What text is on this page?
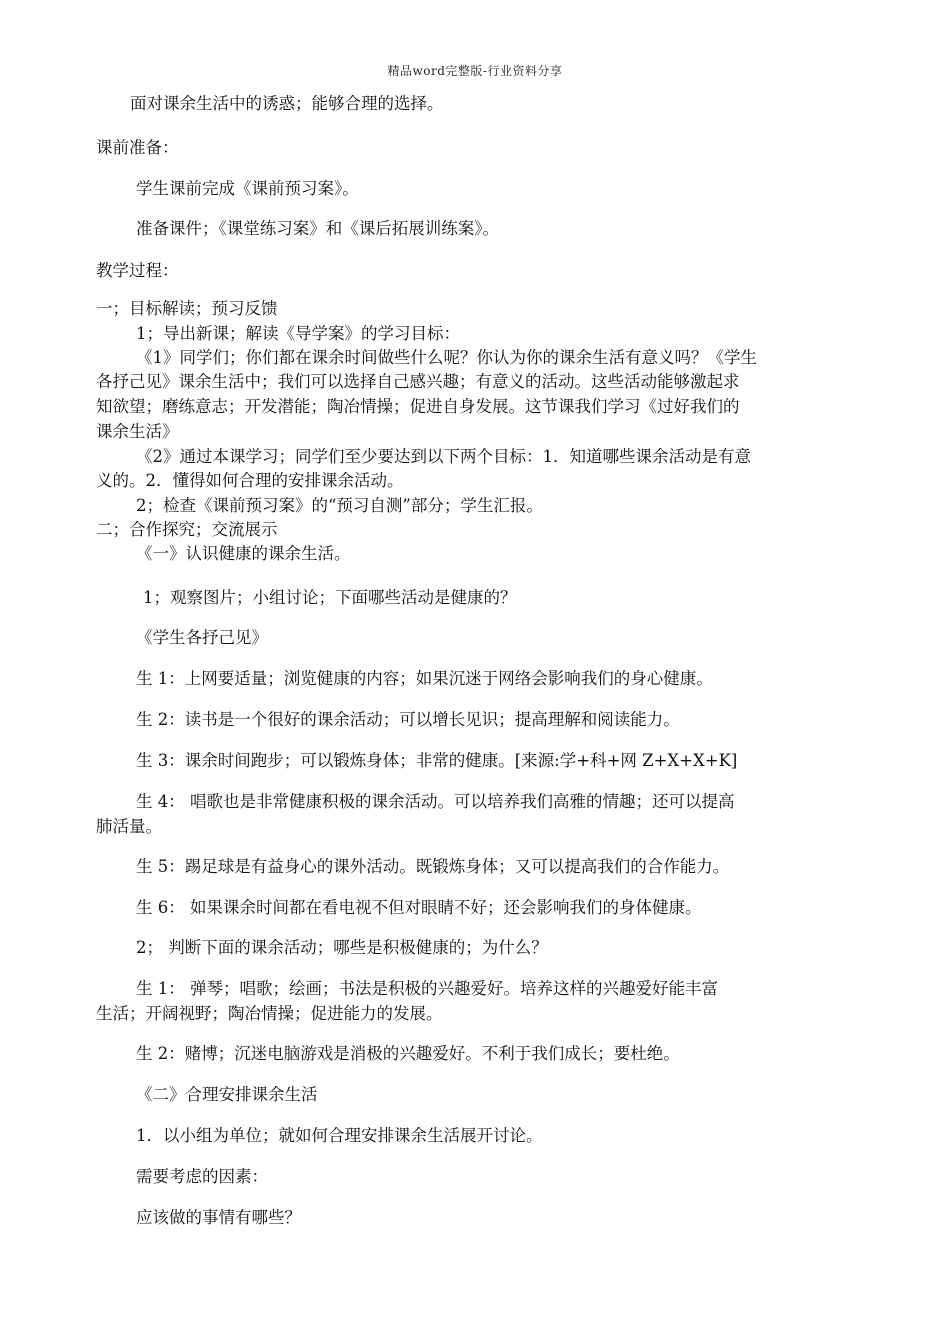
精品word完整版-行业资料分享
面对课余生活中的诱惑；能够合理的选择。
课前准备：
学生课前完成《课前预习案》。
准备课件；《课堂练习案》和《课后拓展训练案》。
教学过程：
一；目标解读；预习反馈
1；导出新课；解读《导学案》的学习目标：
《1》同学们；你们都在课余时间做些什么呢？你认为你的课余生活有意义吗？《学生
各抒己见》课余生活中；我们可以选择自己感兴趣；有意义的活动。这些活动能够激起求
知欲望；磨练意志；开发潜能；陶冶情操；促进自身发展。这节课我们学习《过好我们的
课余生活》
《2》通过本课学习；同学们至少要达到以下两个目标：1．知道哪些课余活动是有意
义的。2．懂得如何合理的安排课余活动。
2；检查《课前预习案》的“预习自测”部分；学生汇报。
二；合作探究；交流展示
《一》认识健康的课余生活。
1；观察图片；小组讨论；下面哪些活动是健康的？
《学生各抒己见》
生 1：上网要适量；浏览健康的内容；如果沉迷于网络会影响我们的身心健康。
生 2：读书是一个很好的课余活动；可以增长见识；提高理解和阅读能力。
生 3：课余时间跑步；可以锻炼身体；非常的健康。[来源:学+科+网 Z+X+X+K]
生 4： 唱歌也是非常健康积极的课余活动。可以培养我们高雅的情趣；还可以提高
肺活量。
生 5：踢足球是有益身心的课外活动。既锻炼身体；又可以提高我们的合作能力。
生 6： 如果课余时间都在看电视不但对眼睛不好；还会影响我们的身体健康。
2； 判断下面的课余活动；哪些是积极健康的；为什么？
生 1： 弹琴；唱歌；绘画；书法是积极的兴趣爱好。培养这样的兴趣爱好能丰富
生活；开阔视野；陶冶情操；促进能力的发展。
生 2：赌博；沉迷电脑游戏是消极的兴趣爱好。不利于我们成长；要杜绝。
《二》合理安排课余生活
1．以小组为单位；就如何合理安排课余生活展开讨论。
需要考虑的因素：
应该做的事情有哪些？
